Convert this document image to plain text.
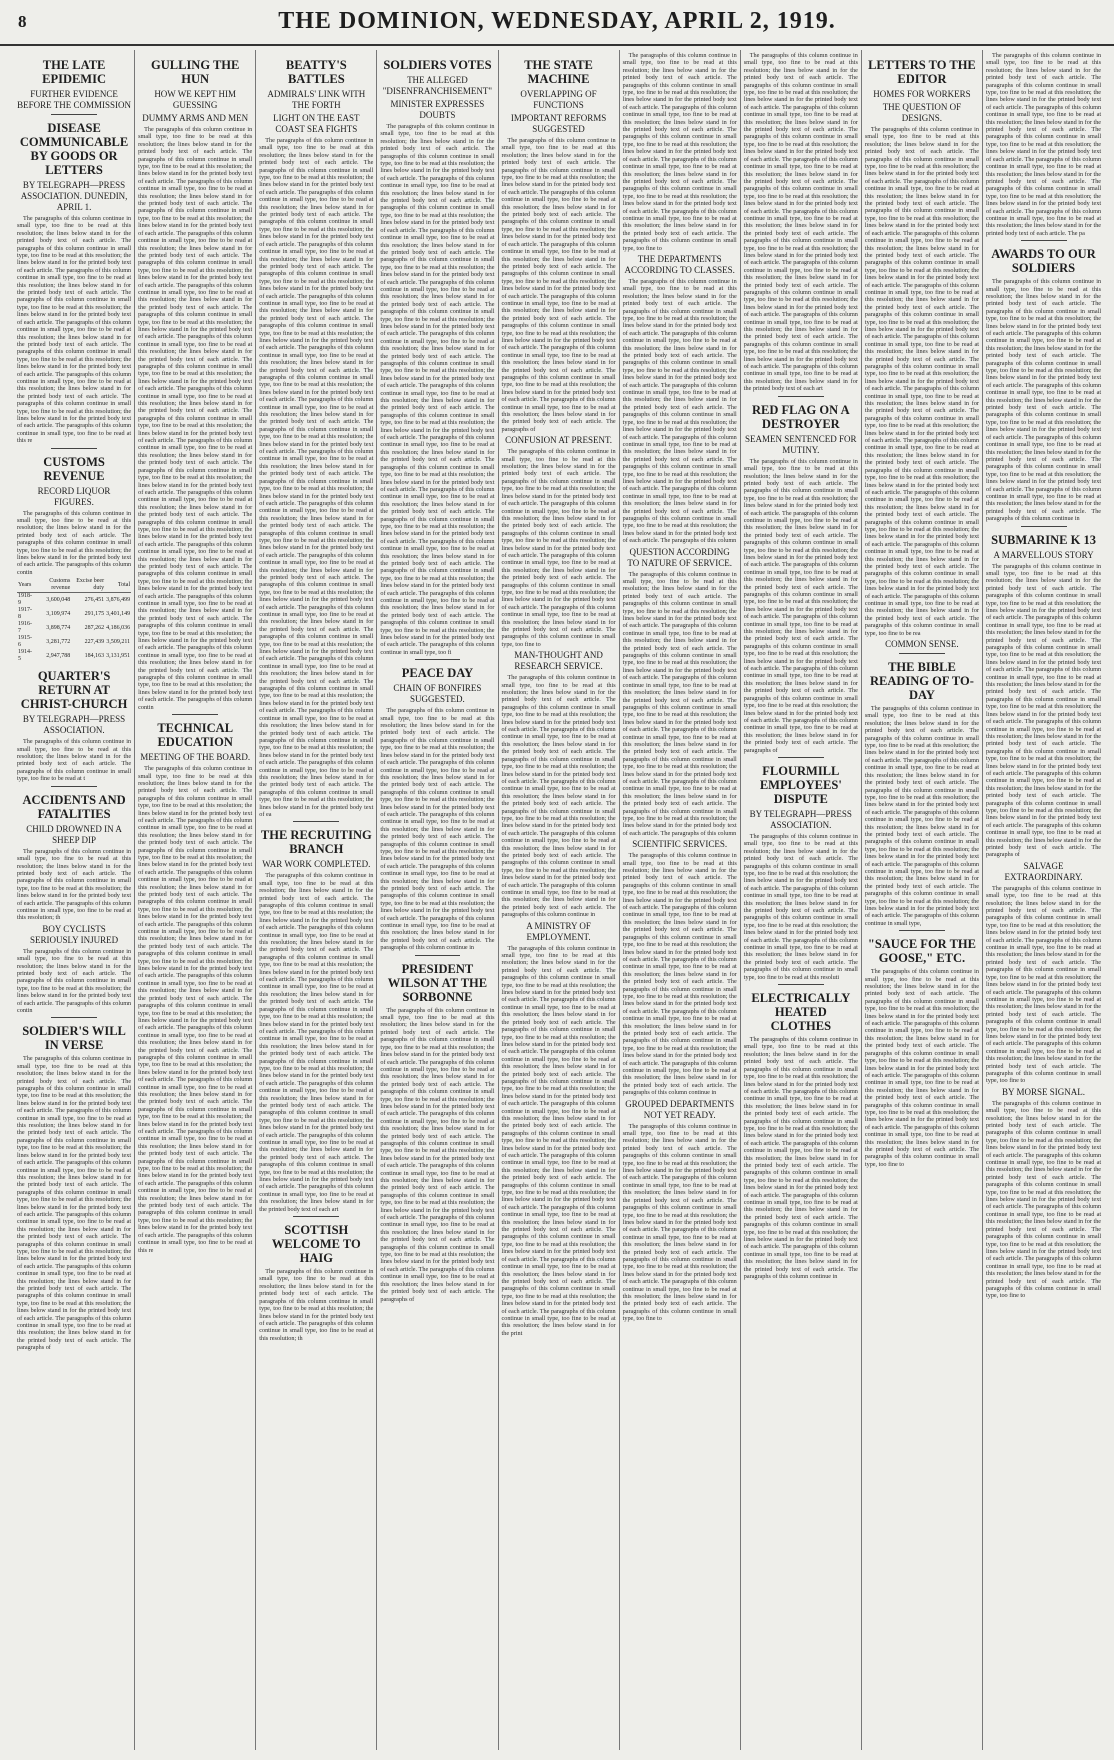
8	THE DOMINION, WEDNESDAY, APRIL 2, 1919.
THE LATE EPIDEMIC
FURTHER EVIDENCE BEFORE THE COMMISSION
DISEASE COMMUNICABLE BY GOODS OR LETTERS
BY TELEGRAPH—PRESS ASSOCIATION. DUNEDIN, APRIL 1.

The paragraphs of this column continue in small type, too fine to be read at this resolution; the lines below stand in for the printed body text of each article. The paragraphs of this column continue in small type, too fine to be read at this resolution; the lines below stand in for the printed body text of each article. The paragraphs of this column continue in small type, too fine to be read at this resolution; the lines below stand in for the printed body text of each article. The paragraphs of this column continue in small type, too fine to be read at this resolution; the lines below stand in for the printed body text of each article. The paragraphs of this column continue in small type, too fine to be read at this resolution; the lines below stand in for the printed body text of each article. The paragraphs of this column continue in small type, too fine to be read at this resolution; the lines below stand in for the printed body text of each article. The paragraphs of this column continue in small type, too fine to be read at this resolution; the lines below stand in for the printed body text of each article. The paragraphs of this column continue in small type, too fine to be read at this resolution; the lines below stand in for the printed body text of each article. The paragraphs of this column continue in small type, too fine to be read at this re

CUSTOMS REVENUE
RECORD LIQUOR FIGURES.

The paragraphs of this column continue in small type, too fine to be read at this resolution; the lines below stand in for the printed body text of each article. The paragraphs of this column continue in small type, too fine to be read at this resolution; the lines below stand in for the printed body text of each article. The paragraphs of this column contin

Years	Customs revenue	Excise beer duty	Total
1918-9	3,600,048	276,451	3,876,499
1917-8	3,109,974	291,175	3,401,149
1916-7	3,898,774	287,262	4,186,036
1915-6	3,281,772	227,439	3,509,211
1914-5	2,947,788	184,163	3,131,951
QUARTER'S RETURN AT CHRIST-CHURCH
BY TELEGRAPH—PRESS ASSOCIATION.

The paragraphs of this column continue in small type, too fine to be read at this resolution; the lines below stand in for the printed body text of each article. The paragraphs of this column continue in small type, too fine to be read at t

ACCIDENTS AND FATALITIES
CHILD DROWNED IN A SHEEP DIP

The paragraphs of this column continue in small type, too fine to be read at this resolution; the lines below stand in for the printed body text of each article. The paragraphs of this column continue in small type, too fine to be read at this resolution; the lines below stand in for the printed body text of each article. The paragraphs of this column continue in small type, too fine to be read at this resolution; th

BOY CYCLISTS SERIOUSLY INJURED

The paragraphs of this column continue in small type, too fine to be read at this resolution; the lines below stand in for the printed body text of each article. The paragraphs of this column continue in small type, too fine to be read at this resolution; the lines below stand in for the printed body text of each article. The paragraphs of this column contin

SOLDIER'S WILL IN VERSE

The paragraphs of this column continue in small type, too fine to be read at this resolution; the lines below stand in for the printed body text of each article. The paragraphs of this column continue in small type, too fine to be read at this resolution; the lines below stand in for the printed body text of each article. The paragraphs of this column continue in small type, too fine to be read at this resolution; the lines below stand in for the printed body text of each article. The paragraphs of this column continue in small type, too fine to be read at this resolution; the lines below stand in for the printed body text of each article. The paragraphs of this column continue in small type, too fine to be read at this resolution; the lines below stand in for the printed body text of each article. The paragraphs of this column continue in small type, too fine to be read at this resolution; the lines below stand in for the printed body text of each article. The paragraphs of this column continue in small type, too fine to be read at this resolution; the lines below stand in for the printed body text of each article. The paragraphs of this column continue in small type, too fine to be read at this resolution; the lines below stand in for the printed body text of each article. The paragraphs of this column continue in small type, too fine to be read at this resolution; the lines below stand in for the printed body text of each article. The paragraphs of this column continue in small type, too fine to be read at this resolution; the lines below stand in for the printed body text of each article. The paragraphs of this column continue in small type, too fine to be read at this resolution; the lines below stand in for the printed body text of each article. The paragraphs of

GULLING THE HUN
HOW WE KEPT HIM GUESSING
DUMMY ARMS AND MEN

The paragraphs of this column continue in small type, too fine to be read at this resolution; the lines below stand in for the printed body text of each article. The paragraphs of this column continue in small type, too fine to be read at this resolution; the lines below stand in for the printed body text of each article. The paragraphs of this column continue in small type, too fine to be read at this resolution; the lines below stand in for the printed body text of each article. The paragraphs of this column continue in small type, too fine to be read at this resolution; the lines below stand in for the printed body text of each article. The paragraphs of this column continue in small type, too fine to be read at this resolution; the lines below stand in for the printed body text of each article. The paragraphs of this column continue in small type, too fine to be read at this resolution; the lines below stand in for the printed body text of each article. The paragraphs of this column continue in small type, too fine to be read at this resolution; the lines below stand in for the printed body text of each article. The paragraphs of this column continue in small type, too fine to be read at this resolution; the lines below stand in for the printed body text of each article. The paragraphs of this column continue in small type, too fine to be read at this resolution; the lines below stand in for the printed body text of each article. The paragraphs of this column continue in small type, too fine to be read at this resolution; the lines below stand in for the printed body text of each article. The paragraphs of this column continue in small type, too fine to be read at this resolution; the lines below stand in for the printed body text of each article. The paragraphs of this column continue in small type, too fine to be read at this resolution; the lines below stand in for the printed body text of each article. The paragraphs of this column continue in small type, too fine to be read at this resolution; the lines below stand in for the printed body text of each article. The paragraphs of this column continue in small type, too fine to be read at this resolution; the lines below stand in for the printed body text of each article. The paragraphs of this column continue in small type, too fine to be read at this resolution; the lines below stand in for the printed body text of each article. The paragraphs of this column continue in small type, too fine to be read at this resolution; the lines below stand in for the printed body text of each article. The paragraphs of this column continue in small type, too fine to be read at this resolution; the lines below stand in for the printed body text of each article. The paragraphs of this column continue in small type, too fine to be read at this resolution; the lines below stand in for the printed body text of each article. The paragraphs of this column continue in small type, too fine to be read at this resolution; the lines below stand in for the printed body text of each article. The paragraphs of this column continue in small type, too fine to be read at this resolution; the lines below stand in for the printed body text of each article. The paragraphs of this column continue in small type, too fine to be read at this resolution; the lines below stand in for the printed body text of each article. The paragraphs of this column continue in small type, too fine to be read at this resolution; the lines below stand in for the printed body text of each article. The paragraphs of this column contin

TECHNICAL EDUCATION
MEETING OF THE BOARD.

The paragraphs of this column continue in small type, too fine to be read at this resolution; the lines below stand in for the printed body text of each article. The paragraphs of this column continue in small type, too fine to be read at this resolution; the lines below stand in for the printed body text of each article. The paragraphs of this column continue in small type, too fine to be read at this resolution; the lines below stand in for the printed body text of each article. The paragraphs of this column continue in small type, too fine to be read at this resolution; the lines below stand in for the printed body text of each article. The paragraphs of this column continue in small type, too fine to be read at this resolution; the lines below stand in for the printed body text of each article. The paragraphs of this column continue in small type, too fine to be read at this resolution; the lines below stand in for the printed body text of each article. The paragraphs of this column continue in small type, too fine to be read at this resolution; the lines below stand in for the printed body text of each article. The paragraphs of this column continue in small type, too fine to be read at this resolution; the lines below stand in for the printed body text of each article. The paragraphs of this column continue in small type, too fine to be read at this resolution; the lines below stand in for the printed body text of each article. The paragraphs of this column continue in small type, too fine to be read at this resolution; the lines below stand in for the printed body text of each article. The paragraphs of this column continue in small type, too fine to be read at this resolution; the lines below stand in for the printed body text of each article. The paragraphs of this column continue in small type, too fine to be read at this resolution; the lines below stand in for the printed body text of each article. The paragraphs of this column continue in small type, too fine to be read at this resolution; the lines below stand in for the printed body text of each article. The paragraphs of this column continue in small type, too fine to be read at this resolution; the lines below stand in for the printed body text of each article. The paragraphs of this column continue in small type, too fine to be read at this resolution; the lines below stand in for the printed body text of each article. The paragraphs of this column continue in small type, too fine to be read at this resolution; the lines below stand in for the printed body text of each article. The paragraphs of this column continue in small type, too fine to be read at this resolution; the lines below stand in for the printed body text of each article. The paragraphs of this column continue in small type, too fine to be read at this resolution; the lines below stand in for the printed body text of each article. The paragraphs of this column continue in small type, too fine to be read at this re

BEATTY'S BATTLES
ADMIRALS' LINK WITH THE FORTH
LIGHT ON THE EAST COAST SEA FIGHTS

The paragraphs of this column continue in small type, too fine to be read at this resolution; the lines below stand in for the printed body text of each article. The paragraphs of this column continue in small type, too fine to be read at this resolution; the lines below stand in for the printed body text of each article. The paragraphs of this column continue in small type, too fine to be read at this resolution; the lines below stand in for the printed body text of each article. The paragraphs of this column continue in small type, too fine to be read at this resolution; the lines below stand in for the printed body text of each article. The paragraphs of this column continue in small type, too fine to be read at this resolution; the lines below stand in for the printed body text of each article. The paragraphs of this column continue in small type, too fine to be read at this resolution; the lines below stand in for the printed body text of each article. The paragraphs of this column continue in small type, too fine to be read at this resolution; the lines below stand in for the printed body text of each article. The paragraphs of this column continue in small type, too fine to be read at this resolution; the lines below stand in for the printed body text of each article. The paragraphs of this column continue in small type, too fine to be read at this resolution; the lines below stand in for the printed body text of each article. The paragraphs of this column continue in small type, too fine to be read at this resolution; the lines below stand in for the printed body text of each article. The paragraphs of this column continue in small type, too fine to be read at this resolution; the lines below stand in for the printed body text of each article. The paragraphs of this column continue in small type, too fine to be read at this resolution; the lines below stand in for the printed body text of each article. The paragraphs of this column continue in small type, too fine to be read at this resolution; the lines below stand in for the printed body text of each article. The paragraphs of this column continue in small type, too fine to be read at this resolution; the lines below stand in for the printed body text of each article. The paragraphs of this column continue in small type, too fine to be read at this resolution; the lines below stand in for the printed body text of each article. The paragraphs of this column continue in small type, too fine to be read at this resolution; the lines below stand in for the printed body text of each article. The paragraphs of this column continue in small type, too fine to be read at this resolution; the lines below stand in for the printed body text of each article. The paragraphs of this column continue in small type, too fine to be read at this resolution; the lines below stand in for the printed body text of each article. The paragraphs of this column continue in small type, too fine to be read at this resolution; the lines below stand in for the printed body text of each article. The paragraphs of this column continue in small type, too fine to be read at this resolution; the lines below stand in for the printed body text of each article. The paragraphs of this column continue in small type, too fine to be read at this resolution; the lines below stand in for the printed body text of each article. The paragraphs of this column continue in small type, too fine to be read at this resolution; the lines below stand in for the printed body text of each article. The paragraphs of this column continue in small type, too fine to be read at this resolution; the lines below stand in for the printed body text of each article. The paragraphs of this column continue in small type, too fine to be read at this resolution; the lines below stand in for the printed body text of each article. The paragraphs of this column continue in small type, too fine to be read at this resolution; the lines below stand in for the printed body text of each article. The paragraphs of this column continue in small type, too fine to be read at this resolution; the lines below stand in for the printed body text of ea

THE RECRUITING BRANCH
WAR WORK COMPLETED.

The paragraphs of this column continue in small type, too fine to be read at this resolution; the lines below stand in for the printed body text of each article. The paragraphs of this column continue in small type, too fine to be read at this resolution; the lines below stand in for the printed body text of each article. The paragraphs of this column continue in small type, too fine to be read at this resolution; the lines below stand in for the printed body text of each article. The paragraphs of this column continue in small type, too fine to be read at this resolution; the lines below stand in for the printed body text of each article. The paragraphs of this column continue in small type, too fine to be read at this resolution; the lines below stand in for the printed body text of each article. The paragraphs of this column continue in small type, too fine to be read at this resolution; the lines below stand in for the printed body text of each article. The paragraphs of this column continue in small type, too fine to be read at this resolution; the lines below stand in for the printed body text of each article. The paragraphs of this column continue in small type, too fine to be read at this resolution; the lines below stand in for the printed body text of each article. The paragraphs of this column continue in small type, too fine to be read at this resolution; the lines below stand in for the printed body text of each article. The paragraphs of this column continue in small type, too fine to be read at this resolution; the lines below stand in for the printed body text of each article. The paragraphs of this column continue in small type, too fine to be read at this resolution; the lines below stand in for the printed body text of each article. The paragraphs of this column continue in small type, too fine to be read at this resolution; the lines below stand in for the printed body text of each article. The paragraphs of this column continue in small type, too fine to be read at this resolution; the lines below stand in for the printed body text of each art

SCOTTISH WELCOME TO HAIG

The paragraphs of this column continue in small type, too fine to be read at this resolution; the lines below stand in for the printed body text of each article. The paragraphs of this column continue in small type, too fine to be read at this resolution; the lines below stand in for the printed body text of each article. The paragraphs of this column continue in small type, too fine to be read at this resolution; th

SOLDIERS VOTES
THE ALLEGED "DISENFRANCHISEMENT"
MINISTER EXPRESSES DOUBTS

The paragraphs of this column continue in small type, too fine to be read at this resolution; the lines below stand in for the printed body text of each article. The paragraphs of this column continue in small type, too fine to be read at this resolution; the lines below stand in for the printed body text of each article. The paragraphs of this column continue in small type, too fine to be read at this resolution; the lines below stand in for the printed body text of each article. The paragraphs of this column continue in small type, too fine to be read at this resolution; the lines below stand in for the printed body text of each article. The paragraphs of this column continue in small type, too fine to be read at this resolution; the lines below stand in for the printed body text of each article. The paragraphs of this column continue in small type, too fine to be read at this resolution; the lines below stand in for the printed body text of each article. The paragraphs of this column continue in small type, too fine to be read at this resolution; the lines below stand in for the printed body text of each article. The paragraphs of this column continue in small type, too fine to be read at this resolution; the lines below stand in for the printed body text of each article. The paragraphs of this column continue in small type, too fine to be read at this resolution; the lines below stand in for the printed body text of each article. The paragraphs of this column continue in small type, too fine to be read at this resolution; the lines below stand in for the printed body text of each article. The paragraphs of this column continue in small type, too fine to be read at this resolution; the lines below stand in for the printed body text of each article. The paragraphs of this column continue in small type, too fine to be read at this resolution; the lines below stand in for the printed body text of each article. The paragraphs of this column continue in small type, too fine to be read at this resolution; the lines below stand in for the printed body text of each article. The paragraphs of this column continue in small type, too fine to be read at this resolution; the lines below stand in for the printed body text of each article. The paragraphs of this column continue in small type, too fine to be read at this resolution; the lines below stand in for the printed body text of each article. The paragraphs of this column continue in small type, too fine to be read at this resolution; the lines below stand in for the printed body text of each article. The paragraphs of this column continue in small type, too fine to be read at this resolution; the lines below stand in for the printed body text of each article. The paragraphs of this column continue in small type, too fine to be read at this resolution; the lines below stand in for the printed body text of each article. The paragraphs of this column continue in small type, too fine to be read at this resolution; the lines below stand in for the printed body text of each article. The paragraphs of this column continue in small type, too fine to be read at this resolution; the lines below stand in for the printed body text of each article. The paragraphs of this column continue in small type, too fi

PEACE DAY
CHAIN OF BONFIRES SUGGESTED.

The paragraphs of this column continue in small type, too fine to be read at this resolution; the lines below stand in for the printed body text of each article. The paragraphs of this column continue in small type, too fine to be read at this resolution; the lines below stand in for the printed body text of each article. The paragraphs of this column continue in small type, too fine to be read at this resolution; the lines below stand in for the printed body text of each article. The paragraphs of this column continue in small type, too fine to be read at this resolution; the lines below stand in for the printed body text of each article. The paragraphs of this column continue in small type, too fine to be read at this resolution; the lines below stand in for the printed body text of each article. The paragraphs of this column continue in small type, too fine to be read at this resolution; the lines below stand in for the printed body text of each article. The paragraphs of this column continue in small type, too fine to be read at this resolution; the lines below stand in for the printed body text of each article. The paragraphs of this column continue in small type, too fine to be read at this resolution; the lines below stand in for the printed body text of each article. The paragraphs of this column continue in small type, too fine to be read at this resolution; the lines below stand in for the printed body text of each article. The paragraphs of this column continue in

PRESIDENT WILSON AT THE SORBONNE

The paragraphs of this column continue in small type, too fine to be read at this resolution; the lines below stand in for the printed body text of each article. The paragraphs of this column continue in small type, too fine to be read at this resolution; the lines below stand in for the printed body text of each article. The paragraphs of this column continue in small type, too fine to be read at this resolution; the lines below stand in for the printed body text of each article. The paragraphs of this column continue in small type, too fine to be read at this resolution; the lines below stand in for the printed body text of each article. The paragraphs of this column continue in small type, too fine to be read at this resolution; the lines below stand in for the printed body text of each article. The paragraphs of this column continue in small type, too fine to be read at this resolution; the lines below stand in for the printed body text of each article. The paragraphs of this column continue in small type, too fine to be read at this resolution; the lines below stand in for the printed body text of each article. The paragraphs of this column continue in small type, too fine to be read at this resolution; the lines below stand in for the printed body text of each article. The paragraphs of this column continue in small type, too fine to be read at this resolution; the lines below stand in for the printed body text of each article. The paragraphs of this column continue in small type, too fine to be read at this resolution; the lines below stand in for the printed body text of each article. The paragraphs of this column continue in small type, too fine to be read at this resolution; the lines below stand in for the printed body text of each article. The paragraphs of

THE STATE MACHINE
OVERLAPPING OF FUNCTIONS
IMPORTANT REFORMS SUGGESTED

The paragraphs of this column continue in small type, too fine to be read at this resolution; the lines below stand in for the printed body text of each article. The paragraphs of this column continue in small type, too fine to be read at this resolution; the lines below stand in for the printed body text of each article. The paragraphs of this column continue in small type, too fine to be read at this resolution; the lines below stand in for the printed body text of each article. The paragraphs of this column continue in small type, too fine to be read at this resolution; the lines below stand in for the printed body text of each article. The paragraphs of this column continue in small type, too fine to be read at this resolution; the lines below stand in for the printed body text of each article. The paragraphs of this column continue in small type, too fine to be read at this resolution; the lines below stand in for the printed body text of each article. The paragraphs of this column continue in small type, too fine to be read at this resolution; the lines below stand in for the printed body text of each article. The paragraphs of this column continue in small type, too fine to be read at this resolution; the lines below stand in for the printed body text of each article. The paragraphs of this column continue in small type, too fine to be read at this resolution; the lines below stand in for the printed body text of each article. The paragraphs of this column continue in small type, too fine to be read at this resolution; the lines below stand in for the printed body text of each article. The paragraphs of this column continue in small type, too fine to be read at this resolution; the lines below stand in for the printed body text of each article. The paragraphs of

CONFUSION AT PRESENT.

The paragraphs of this column continue in small type, too fine to be read at this resolution; the lines below stand in for the printed body text of each article. The paragraphs of this column continue in small type, too fine to be read at this resolution; the lines below stand in for the printed body text of each article. The paragraphs of this column continue in small type, too fine to be read at this resolution; the lines below stand in for the printed body text of each article. The paragraphs of this column continue in small type, too fine to be read at this resolution; the lines below stand in for the printed body text of each article. The paragraphs of this column continue in small type, too fine to be read at this resolution; the lines below stand in for the printed body text of each article. The paragraphs of this column continue in small type, too fine to be read at this resolution; the lines below stand in for the printed body text of each article. The paragraphs of this column continue in small type, too fine to be read at this resolution; the lines below stand in for the printed body text of each article. The paragraphs of this column continue in small type, too fine to

MAN-THOUGHT AND RESEARCH SERVICE.

The paragraphs of this column continue in small type, too fine to be read at this resolution; the lines below stand in for the printed body text of each article. The paragraphs of this column continue in small type, too fine to be read at this resolution; the lines below stand in for the printed body text of each article. The paragraphs of this column continue in small type, too fine to be read at this resolution; the lines below stand in for the printed body text of each article. The paragraphs of this column continue in small type, too fine to be read at this resolution; the lines below stand in for the printed body text of each article. The paragraphs of this column continue in small type, too fine to be read at this resolution; the lines below stand in for the printed body text of each article. The paragraphs of this column continue in small type, too fine to be read at this resolution; the lines below stand in for the printed body text of each article. The paragraphs of this column continue in small type, too fine to be read at this resolution; the lines below stand in for the printed body text of each article. The paragraphs of this column continue in small type, too fine to be read at this resolution; the lines below stand in for the printed body text of each article. The paragraphs of this column continue in small type, too fine to be read at this resolution; the lines below stand in for the printed body text of each article. The paragraphs of this column continue in

A MINISTRY OF EMPLOYMENT.

The paragraphs of this column continue in small type, too fine to be read at this resolution; the lines below stand in for the printed body text of each article. The paragraphs of this column continue in small type, too fine to be read at this resolution; the lines below stand in for the printed body text of each article. The paragraphs of this column continue in small type, too fine to be read at this resolution; the lines below stand in for the printed body text of each article. The paragraphs of this column continue in small type, too fine to be read at this resolution; the lines below stand in for the printed body text of each article. The paragraphs of this column continue in small type, too fine to be read at this resolution; the lines below stand in for the printed body text of each article. The paragraphs of this column continue in small type, too fine to be read at this resolution; the lines below stand in for the printed body text of each article. The paragraphs of this column continue in small type, too fine to be read at this resolution; the lines below stand in for the printed body text of each article. The paragraphs of this column continue in small type, too fine to be read at this resolution; the lines below stand in for the printed body text of each article. The paragraphs of this column continue in small type, too fine to be read at this resolution; the lines below stand in for the printed body text of each article. The paragraphs of this column continue in small type, too fine to be read at this resolution; the lines below stand in for the printed body text of each article. The paragraphs of this column continue in small type, too fine to be read at this resolution; the lines below stand in for the printed body text of each article. The paragraphs of this column continue in small type, too fine to be read at this resolution; the lines below stand in for the printed body text of each article. The paragraphs of this column continue in small type, too fine to be read at this resolution; the lines below stand in for the printed body text of each article. The paragraphs of this column continue in small type, too fine to be read at this resolution; the lines below stand in for the printed body text of each article. The paragraphs of this column continue in small type, too fine to be read at this resolution; the lines below stand in for the print

The paragraphs of this column continue in small type, too fine to be read at this resolution; the lines below stand in for the printed body text of each article. The paragraphs of this column continue in small type, too fine to be read at this resolution; the lines below stand in for the printed body text of each article. The paragraphs of this column continue in small type, too fine to be read at this resolution; the lines below stand in for the printed body text of each article. The paragraphs of this column continue in small type, too fine to be read at this resolution; the lines below stand in for the printed body text of each article. The paragraphs of this column continue in small type, too fine to be read at this resolution; the lines below stand in for the printed body text of each article. The paragraphs of this column continue in small type, too fine to be read at this resolution; the lines below stand in for the printed body text of each article. The paragraphs of this column continue in small type, too fine to be read at this resolution; the lines below stand in for the printed body text of each article. The paragraphs of this column continue in small type, too fine to

THE DEPARTMENTS ACCORDING TO CLASSES.

The paragraphs of this column continue in small type, too fine to be read at this resolution; the lines below stand in for the printed body text of each article. The paragraphs of this column continue in small type, too fine to be read at this resolution; the lines below stand in for the printed body text of each article. The paragraphs of this column continue in small type, too fine to be read at this resolution; the lines below stand in for the printed body text of each article. The paragraphs of this column continue in small type, too fine to be read at this resolution; the lines below stand in for the printed body text of each article. The paragraphs of this column continue in small type, too fine to be read at this resolution; the lines below stand in for the printed body text of each article. The paragraphs of this column continue in small type, too fine to be read at this resolution; the lines below stand in for the printed body text of each article. The paragraphs of this column continue in small type, too fine to be read at this resolution; the lines below stand in for the printed body text of each article. The paragraphs of this column continue in small type, too fine to be read at this resolution; the lines below stand in for the printed body text of each article. The paragraphs of this column continue in small type, too fine to be read at this resolution; the lines below stand in for the printed body text of each article. The paragraphs of this column continue in small type, too fine to be read at this resolution; the lines below stand in for the printed body text of each article. The paragraphs of this column

QUESTION ACCORDING TO NATURE OF SERVICE.

The paragraphs of this column continue in small type, too fine to be read at this resolution; the lines below stand in for the printed body text of each article. The paragraphs of this column continue in small type, too fine to be read at this resolution; the lines below stand in for the printed body text of each article. The paragraphs of this column continue in small type, too fine to be read at this resolution; the lines below stand in for the printed body text of each article. The paragraphs of this column continue in small type, too fine to be read at this resolution; the lines below stand in for the printed body text of each article. The paragraphs of this column continue in small type, too fine to be read at this resolution; the lines below stand in for the printed body text of each article. The paragraphs of this column continue in small type, too fine to be read at this resolution; the lines below stand in for the printed body text of each article. The paragraphs of this column continue in small type, too fine to be read at this resolution; the lines below stand in for the printed body text of each article. The paragraphs of this column continue in small type, too fine to be read at this resolution; the lines below stand in for the printed body text of each article. The paragraphs of this column continue in small type, too fine to be read at this resolution; the lines below stand in for the printed body text of each article. The paragraphs of this column continue in small type, too fine to be read at this resolution; the lines below stand in for the printed body text of each article. The paragraphs of this column

SCIENTIFIC SERVICES.

The paragraphs of this column continue in small type, too fine to be read at this resolution; the lines below stand in for the printed body text of each article. The paragraphs of this column continue in small type, too fine to be read at this resolution; the lines below stand in for the printed body text of each article. The paragraphs of this column continue in small type, too fine to be read at this resolution; the lines below stand in for the printed body text of each article. The paragraphs of this column continue in small type, too fine to be read at this resolution; the lines below stand in for the printed body text of each article. The paragraphs of this column continue in small type, too fine to be read at this resolution; the lines below stand in for the printed body text of each article. The paragraphs of this column continue in small type, too fine to be read at this resolution; the lines below stand in for the printed body text of each article. The paragraphs of this column continue in small type, too fine to be read at this resolution; the lines below stand in for the printed body text of each article. The paragraphs of this column continue in small type, too fine to be read at this resolution; the lines below stand in for the printed body text of each article. The paragraphs of this column continue in small type, too fine to be read at this resolution; the lines below stand in for the printed body text of each article. The paragraphs of this column continue in

GROUPED DEPARTMENTS NOT YET READY.

The paragraphs of this column continue in small type, too fine to be read at this resolution; the lines below stand in for the printed body text of each article. The paragraphs of this column continue in small type, too fine to be read at this resolution; the lines below stand in for the printed body text of each article. The paragraphs of this column continue in small type, too fine to be read at this resolution; the lines below stand in for the printed body text of each article. The paragraphs of this column continue in small type, too fine to be read at this resolution; the lines below stand in for the printed body text of each article. The paragraphs of this column continue in small type, too fine to be read at this resolution; the lines below stand in for the printed body text of each article. The paragraphs of this column continue in small type, too fine to be read at this resolution; the lines below stand in for the printed body text of each article. The paragraphs of this column continue in small type, too fine to be read at this resolution; the lines below stand in for the printed body text of each article. The paragraphs of this column continue in small type, too fine to

The paragraphs of this column continue in small type, too fine to be read at this resolution; the lines below stand in for the printed body text of each article. The paragraphs of this column continue in small type, too fine to be read at this resolution; the lines below stand in for the printed body text of each article. The paragraphs of this column continue in small type, too fine to be read at this resolution; the lines below stand in for the printed body text of each article. The paragraphs of this column continue in small type, too fine to be read at this resolution; the lines below stand in for the printed body text of each article. The paragraphs of this column continue in small type, too fine to be read at this resolution; the lines below stand in for the printed body text of each article. The paragraphs of this column continue in small type, too fine to be read at this resolution; the lines below stand in for the printed body text of each article. The paragraphs of this column continue in small type, too fine to be read at this resolution; the lines below stand in for the printed body text of each article. The paragraphs of this column continue in small type, too fine to be read at this resolution; the lines below stand in for the printed body text of each article. The paragraphs of this column continue in small type, too fine to be read at this resolution; the lines below stand in for the printed body text of each article. The paragraphs of this column continue in small type, too fine to be read at this resolution; the lines below stand in for the printed body text of each article. The paragraphs of this column continue in small type, too fine to be read at this resolution; the lines below stand in for the printed body text of each article. The paragraphs of this column continue in small type, too fine to be read at this resolution; the lines below stand in for the printed body text of each article. The paragraphs of this column continue in small type, too fine to be read at this resolution; the lines below stand in for the printed body text of each art

RED FLAG ON A DESTROYER
SEAMEN SENTENCED FOR MUTINY.

The paragraphs of this column continue in small type, too fine to be read at this resolution; the lines below stand in for the printed body text of each article. The paragraphs of this column continue in small type, too fine to be read at this resolution; the lines below stand in for the printed body text of each article. The paragraphs of this column continue in small type, too fine to be read at this resolution; the lines below stand in for the printed body text of each article. The paragraphs of this column continue in small type, too fine to be read at this resolution; the lines below stand in for the printed body text of each article. The paragraphs of this column continue in small type, too fine to be read at this resolution; the lines below stand in for the printed body text of each article. The paragraphs of this column continue in small type, too fine to be read at this resolution; the lines below stand in for the printed body text of each article. The paragraphs of this column continue in small type, too fine to be read at this resolution; the lines below stand in for the printed body text of each article. The paragraphs of this column continue in small type, too fine to be read at this resolution; the lines below stand in for the printed body text of each article. The paragraphs of this column continue in small type, too fine to be read at this resolution; the lines below stand in for the printed body text of each article. The paragraphs of this column continue in small type, too fine to be read at this resolution; the lines below stand in for the printed body text of each article. The paragraphs of this column continue in small type, too fine to be read at this resolution; the lines below stand in for the printed body text of each article. The paragraphs of

FLOURMILL EMPLOYEES' DISPUTE
BY TELEGRAPH—PRESS ASSOCIATION.

The paragraphs of this column continue in small type, too fine to be read at this resolution; the lines below stand in for the printed body text of each article. The paragraphs of this column continue in small type, too fine to be read at this resolution; the lines below stand in for the printed body text of each article. The paragraphs of this column continue in small type, too fine to be read at this resolution; the lines below stand in for the printed body text of each article. The paragraphs of this column continue in small type, too fine to be read at this resolution; the lines below stand in for the printed body text of each article. The paragraphs of this column continue in small type, too fine to be read at this resolution; the lines below stand in for the printed body text of each article. The paragraphs of this column continue in small type, too fine to be read at this resoluti

ELECTRICALLY HEATED CLOTHES

The paragraphs of this column continue in small type, too fine to be read at this resolution; the lines below stand in for the printed body text of each article. The paragraphs of this column continue in small type, too fine to be read at this resolution; the lines below stand in for the printed body text of each article. The paragraphs of this column continue in small type, too fine to be read at this resolution; the lines below stand in for the printed body text of each article. The paragraphs of this column continue in small type, too fine to be read at this resolution; the lines below stand in for the printed body text of each article. The paragraphs of this column continue in small type, too fine to be read at this resolution; the lines below stand in for the printed body text of each article. The paragraphs of this column continue in small type, too fine to be read at this resolution; the lines below stand in for the printed body text of each article. The paragraphs of this column continue in small type, too fine to be read at this resolution; the lines below stand in for the printed body text of each article. The paragraphs of this column continue in small type, too fine to be read at this resolution; the lines below stand in for the printed body text of each article. The paragraphs of this column continue in small type, too fine to be read at this resolution; the lines below stand in for the printed body text of each article. The paragraphs of this column continue in

LETTERS TO THE EDITOR
HOMES FOR WORKERS
THE QUESTION OF DESIGNS.

The paragraphs of this column continue in small type, too fine to be read at this resolution; the lines below stand in for the printed body text of each article. The paragraphs of this column continue in small type, too fine to be read at this resolution; the lines below stand in for the printed body text of each article. The paragraphs of this column continue in small type, too fine to be read at this resolution; the lines below stand in for the printed body text of each article. The paragraphs of this column continue in small type, too fine to be read at this resolution; the lines below stand in for the printed body text of each article. The paragraphs of this column continue in small type, too fine to be read at this resolution; the lines below stand in for the printed body text of each article. The paragraphs of this column continue in small type, too fine to be read at this resolution; the lines below stand in for the printed body text of each article. The paragraphs of this column continue in small type, too fine to be read at this resolution; the lines below stand in for the printed body text of each article. The paragraphs of this column continue in small type, too fine to be read at this resolution; the lines below stand in for the printed body text of each article. The paragraphs of this column continue in small type, too fine to be read at this resolution; the lines below stand in for the printed body text of each article. The paragraphs of this column continue in small type, too fine to be read at this resolution; the lines below stand in for the printed body text of each article. The paragraphs of this column continue in small type, too fine to be read at this resolution; the lines below stand in for the printed body text of each article. The paragraphs of this column continue in small type, too fine to be read at this resolution; the lines below stand in for the printed body text of each article. The paragraphs of this column continue in small type, too fine to be read at this resolution; the lines below stand in for the printed body text of each article. The paragraphs of this column continue in small type, too fine to be read at this resolution; the lines below stand in for the printed body text of each article. The paragraphs of this column continue in small type, too fine to be read at this resolution; the lines below stand in for the printed body text of each article. The paragraphs of this column continue in small type, too fine to be read at this resolution; the lines below stand in for the printed body text of each article. The paragraphs of this column continue in small type, too fine to be read at this resolution; the lines below stand in for the printed body text of each article. The paragraphs of this column continue in small type, too fine to be read at this resolution; the lines below stand in for the printed body text of each article. The paragraphs of this column continue in small type, too fine to be read at this resolution; the lines below stand in for the printed body text of each article. The paragraphs of this column continue in small type, too fine to be rea

COMMON SENSE.
THE BIBLE READING OF TO-DAY

The paragraphs of this column continue in small type, too fine to be read at this resolution; the lines below stand in for the printed body text of each article. The paragraphs of this column continue in small type, too fine to be read at this resolution; the lines below stand in for the printed body text of each article. The paragraphs of this column continue in small type, too fine to be read at this resolution; the lines below stand in for the printed body text of each article. The paragraphs of this column continue in small type, too fine to be read at this resolution; the lines below stand in for the printed body text of each article. The paragraphs of this column continue in small type, too fine to be read at this resolution; the lines below stand in for the printed body text of each article. The paragraphs of this column continue in small type, too fine to be read at this resolution; the lines below stand in for the printed body text of each article. The paragraphs of this column continue in small type, too fine to be read at this resolution; the lines below stand in for the printed body text of each article. The paragraphs of this column continue in small type, too fine to be read at this resolution; the lines below stand in for the printed body text of each article. The paragraphs of this column continue in small type,

"SAUCE FOR THE GOOSE," ETC.

The paragraphs of this column continue in small type, too fine to be read at this resolution; the lines below stand in for the printed body text of each article. The paragraphs of this column continue in small type, too fine to be read at this resolution; the lines below stand in for the printed body text of each article. The paragraphs of this column continue in small type, too fine to be read at this resolution; the lines below stand in for the printed body text of each article. The paragraphs of this column continue in small type, too fine to be read at this resolution; the lines below stand in for the printed body text of each article. The paragraphs of this column continue in small type, too fine to be read at this resolution; the lines below stand in for the printed body text of each article. The paragraphs of this column continue in small type, too fine to be read at this resolution; the lines below stand in for the printed body text of each article. The paragraphs of this column continue in small type, too fine to be read at this resolution; the lines below stand in for the printed body text of each article. The paragraphs of this column continue in small type, too fine to

The paragraphs of this column continue in small type, too fine to be read at this resolution; the lines below stand in for the printed body text of each article. The paragraphs of this column continue in small type, too fine to be read at this resolution; the lines below stand in for the printed body text of each article. The paragraphs of this column continue in small type, too fine to be read at this resolution; the lines below stand in for the printed body text of each article. The paragraphs of this column continue in small type, too fine to be read at this resolution; the lines below stand in for the printed body text of each article. The paragraphs of this column continue in small type, too fine to be read at this resolution; the lines below stand in for the printed body text of each article. The paragraphs of this column continue in small type, too fine to be read at this resolution; the lines below stand in for the printed body text of each article. The paragraphs of this column continue in small type, too fine to be read at this resolution; the lines below stand in for the printed body text of each article. The pa

AWARDS TO OUR SOLDIERS

The paragraphs of this column continue in small type, too fine to be read at this resolution; the lines below stand in for the printed body text of each article. The paragraphs of this column continue in small type, too fine to be read at this resolution; the lines below stand in for the printed body text of each article. The paragraphs of this column continue in small type, too fine to be read at this resolution; the lines below stand in for the printed body text of each article. The paragraphs of this column continue in small type, too fine to be read at this resolution; the lines below stand in for the printed body text of each article. The paragraphs of this column continue in small type, too fine to be read at this resolution; the lines below stand in for the printed body text of each article. The paragraphs of this column continue in small type, too fine to be read at this resolution; the lines below stand in for the printed body text of each article. The paragraphs of this column continue in small type, too fine to be read at this resolution; the lines below stand in for the printed body text of each article. The paragraphs of this column continue in small type, too fine to be read at this resolution; the lines below stand in for the printed body text of each article. The paragraphs of this column continue in small type, too fine to be read at this resolution; the lines below stand in for the printed body text of each article. The paragraphs of this column continue in

SUBMARINE K 13
A MARVELLOUS STORY

The paragraphs of this column continue in small type, too fine to be read at this resolution; the lines below stand in for the printed body text of each article. The paragraphs of this column continue in small type, too fine to be read at this resolution; the lines below stand in for the printed body text of each article. The paragraphs of this column continue in small type, too fine to be read at this resolution; the lines below stand in for the printed body text of each article. The paragraphs of this column continue in small type, too fine to be read at this resolution; the lines below stand in for the printed body text of each article. The paragraphs of this column continue in small type, too fine to be read at this resolution; the lines below stand in for the printed body text of each article. The paragraphs of this column continue in small type, too fine to be read at this resolution; the lines below stand in for the printed body text of each article. The paragraphs of this column continue in small type, too fine to be read at this resolution; the lines below stand in for the printed body text of each article. The paragraphs of this column continue in small type, too fine to be read at this resolution; the lines below stand in for the printed body text of each article. The paragraphs of this column continue in small type, too fine to be read at this resolution; the lines below stand in for the printed body text of each article. The paragraphs of this column continue in small type, too fine to be read at this resolution; the lines below stand in for the printed body text of each article. The paragraphs of this column continue in small type, too fine to be read at this resolution; the lines below stand in for the printed body text of each article. The paragraphs of

SALVAGE EXTRAORDINARY.

The paragraphs of this column continue in small type, too fine to be read at this resolution; the lines below stand in for the printed body text of each article. The paragraphs of this column continue in small type, too fine to be read at this resolution; the lines below stand in for the printed body text of each article. The paragraphs of this column continue in small type, too fine to be read at this resolution; the lines below stand in for the printed body text of each article. The paragraphs of this column continue in small type, too fine to be read at this resolution; the lines below stand in for the printed body text of each article. The paragraphs of this column continue in small type, too fine to be read at this resolution; the lines below stand in for the printed body text of each article. The paragraphs of this column continue in small type, too fine to be read at this resolution; the lines below stand in for the printed body text of each article. The paragraphs of this column continue in small type, too fine to be read at this resolution; the lines below stand in for the printed body text of each article. The paragraphs of this column continue in small type, too fine to

BY MORSE SIGNAL.

The paragraphs of this column continue in small type, too fine to be read at this resolution; the lines below stand in for the printed body text of each article. The paragraphs of this column continue in small type, too fine to be read at this resolution; the lines below stand in for the printed body text of each article. The paragraphs of this column continue in small type, too fine to be read at this resolution; the lines below stand in for the printed body text of each article. The paragraphs of this column continue in small type, too fine to be read at this resolution; the lines below stand in for the printed body text of each article. The paragraphs of this column continue in small type, too fine to be read at this resolution; the lines below stand in for the printed body text of each article. The paragraphs of this column continue in small type, too fine to be read at this resolution; the lines below stand in for the printed body text of each article. The paragraphs of this column continue in small type, too fine to be read at this resolution; the lines below stand in for the printed body text of each article. The paragraphs of this column continue in small type, too fine to
